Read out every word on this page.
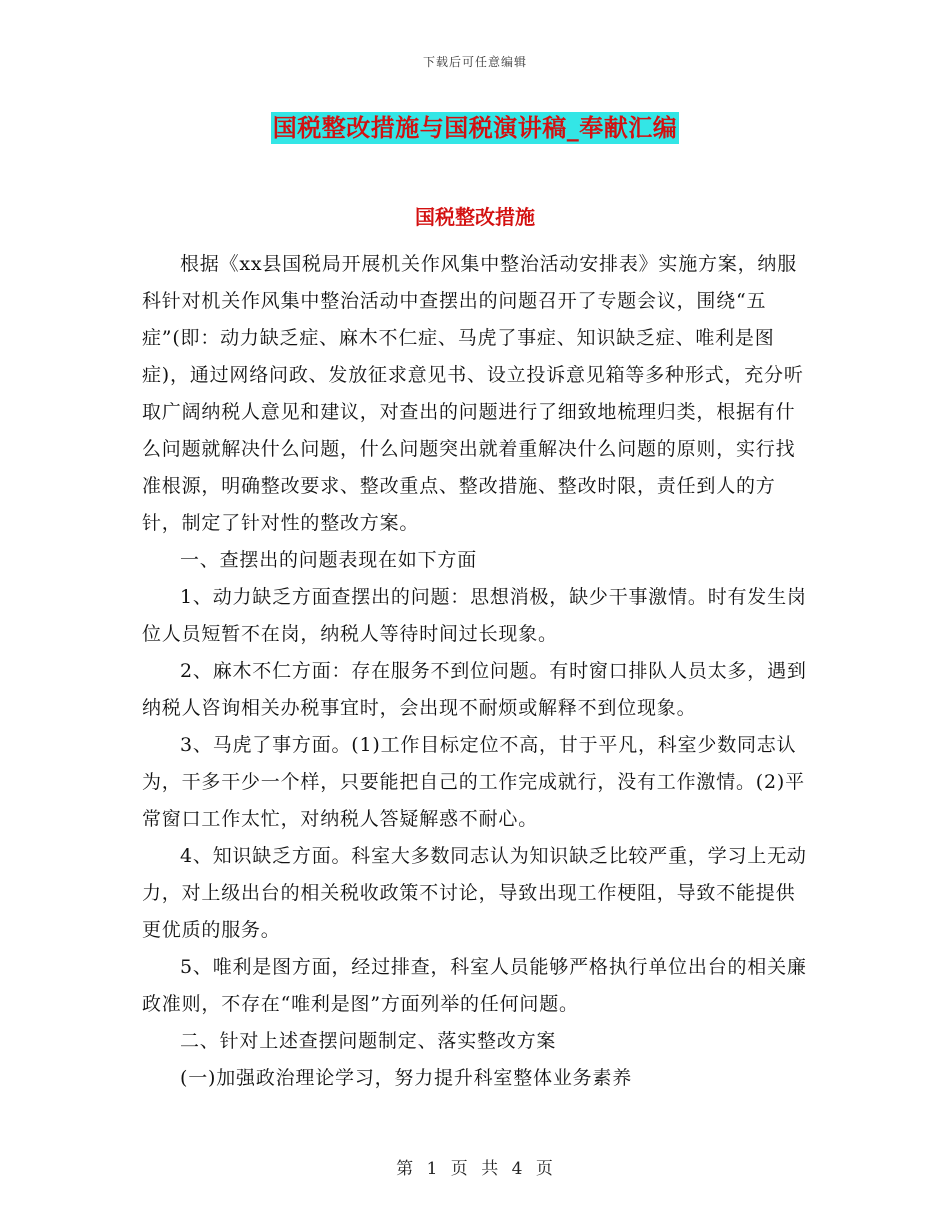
下载后可任意编辑
国税整改措施与国税演讲稿_奉献汇编
国税整改措施

根据《xx县国税局开展机关作风集中整治活动安排表》实施方案，纳服科针对机关作风集中整治活动中查摆出的问题召开了专题会议，围绕“五症”(即：动力缺乏症、麻木不仁症、马虎了事症、知识缺乏症、唯利是图症)，通过网络问政、发放征求意见书、设立投诉意见箱等多种形式，充分听取广阔纳税人意见和建议，对查出的问题进行了细致地梳理归类，根据有什么问题就解决什么问题，什么问题突出就着重解决什么问题的原则，实行找准根源，明确整改要求、整改重点、整改措施、整改时限，责任到人的方针，制定了针对性的整改方案。

一、查摆出的问题表现在如下方面

1、动力缺乏方面查摆出的问题：思想消极，缺少干事激情。时有发生岗位人员短暂不在岗，纳税人等待时间过长现象。

2、麻木不仁方面：存在服务不到位问题。有时窗口排队人员太多，遇到纳税人咨询相关办税事宜时，会出现不耐烦或解释不到位现象。

3、马虎了事方面。(1)工作目标定位不高，甘于平凡，科室少数同志认为，干多干少一个样，只要能把自己的工作完成就行，没有工作激情。(2)平常窗口工作太忙，对纳税人答疑解惑不耐心。

4、知识缺乏方面。科室大多数同志认为知识缺乏比较严重，学习上无动力，对上级出台的相关税收政策不讨论，导致出现工作梗阻，导致不能提供更优质的服务。

5、唯利是图方面，经过排查，科室人员能够严格执行单位出台的相关廉政准则，不存在“唯利是图”方面列举的任何问题。

二、针对上述查摆问题制定、落实整改方案

(一)加强政治理论学习，努力提升科室整体业务素养

第 1 页 共 4 页
